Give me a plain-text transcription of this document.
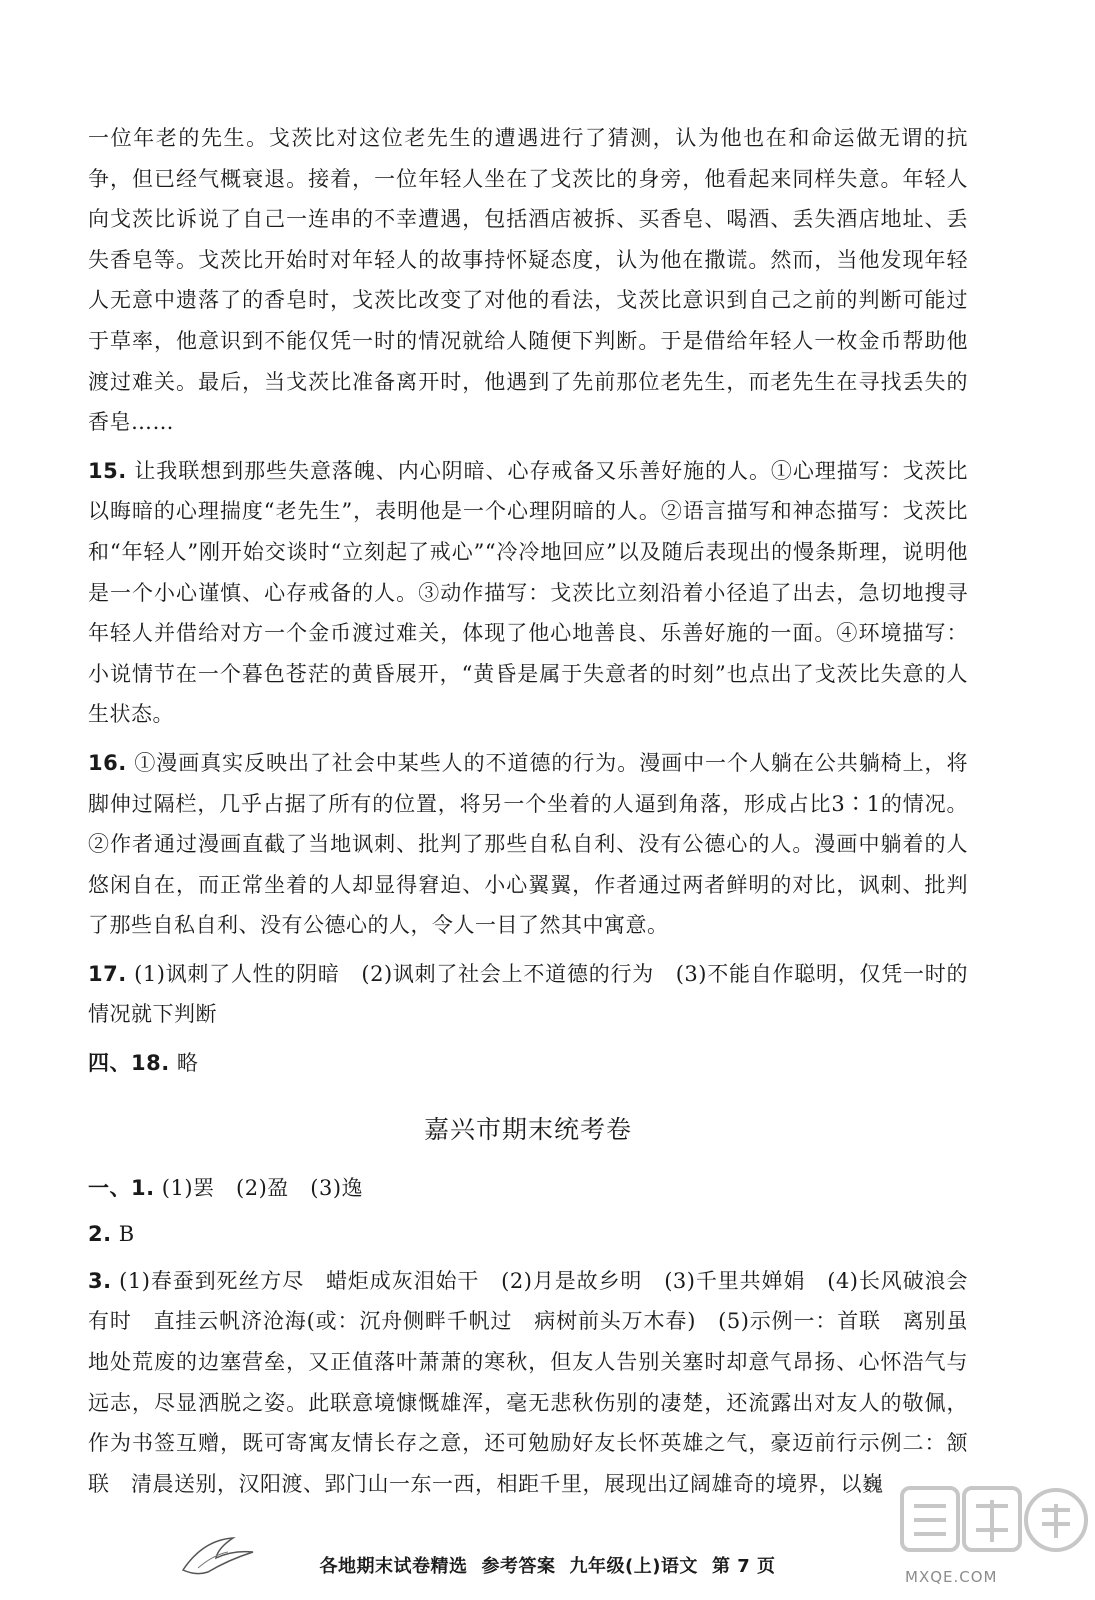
一位年老的先生。戈茨比对这位老先生的遭遇进行了猜测，认为他也在和命运做无谓的抗争，但已经气概衰退。接着，一位年轻人坐在了戈茨比的身旁，他看起来同样失意。年轻人向戈茨比诉说了自己一连串的不幸遭遇，包括酒店被拆、买香皂、喝酒、丢失酒店地址、丢失香皂等。戈茨比开始时对年轻人的故事持怀疑态度，认为他在撒谎。然而，当他发现年轻人无意中遗落了的香皂时，戈茨比改变了对他的看法，戈茨比意识到自己之前的判断可能过于草率，他意识到不能仅凭一时的情况就给人随便下判断。于是借给年轻人一枚金币帮助他渡过难关。最后，当戈茨比准备离开时，他遇到了先前那位老先生，而老先生在寻找丢失的香皂……

15. 让我联想到那些失意落魄、内心阴暗、心存戒备又乐善好施的人。①心理描写：戈茨比以晦暗的心理揣度“老先生”，表明他是一个心理阴暗的人。②语言描写和神态描写：戈茨比和“年轻人”刚开始交谈时“立刻起了戒心”“冷冷地回应”以及随后表现出的慢条斯理，说明他是一个小心谨慎、心存戒备的人。③动作描写：戈茨比立刻沿着小径追了出去，急切地搜寻年轻人并借给对方一个金币渡过难关，体现了他心地善良、乐善好施的一面。④环境描写：小说情节在一个暮色苍茫的黄昏展开，“黄昏是属于失意者的时刻”也点出了戈茨比失意的人生状态。

16. ①漫画真实反映出了社会中某些人的不道德的行为。漫画中一个人躺在公共躺椅上，将脚伸过隔栏，几乎占据了所有的位置，将另一个坐着的人逼到角落，形成占比3∶1的情况。②作者通过漫画直截了当地讽刺、批判了那些自私自利、没有公德心的人。漫画中躺着的人悠闲自在，而正常坐着的人却显得窘迫、小心翼翼，作者通过两者鲜明的对比，讽刺、批判了那些自私自利、没有公德心的人，令人一目了然其中寓意。

17. (1)讽刺了人性的阴暗　(2)讽刺了社会上不道德的行为　(3)不能自作聪明，仅凭一时的情况就下判断

四、18. 略

嘉兴市期末统考卷

一、1. (1)罢　(2)盈　(3)逸

2. B

3. (1)春蚕到死丝方尽　蜡炬成灰泪始干　(2)月是故乡明　(3)千里共婵娟　(4)长风破浪会有时　直挂云帆济沧海(或：沉舟侧畔千帆过　病树前头万木春)　(5)示例一：首联　离别虽地处荒废的边塞营垒，又正值落叶萧萧的寒秋，但友人告别关塞时却意气昂扬、心怀浩气与远志，尽显洒脱之姿。此联意境慷慨雄浑，毫无悲秋伤别的凄楚，还流露出对友人的敬佩，作为书签互赠，既可寄寓友情长存之意，还可勉励好友长怀英雄之气，豪迈前行示例二：颔联　清晨送别，汉阳渡、郢门山一东一西，相距千里，展现出辽阔雄奇的境界，以巍

各地期末试卷精选 参考答案 九年级(上)语文 第 7 页	MXQE.COM
